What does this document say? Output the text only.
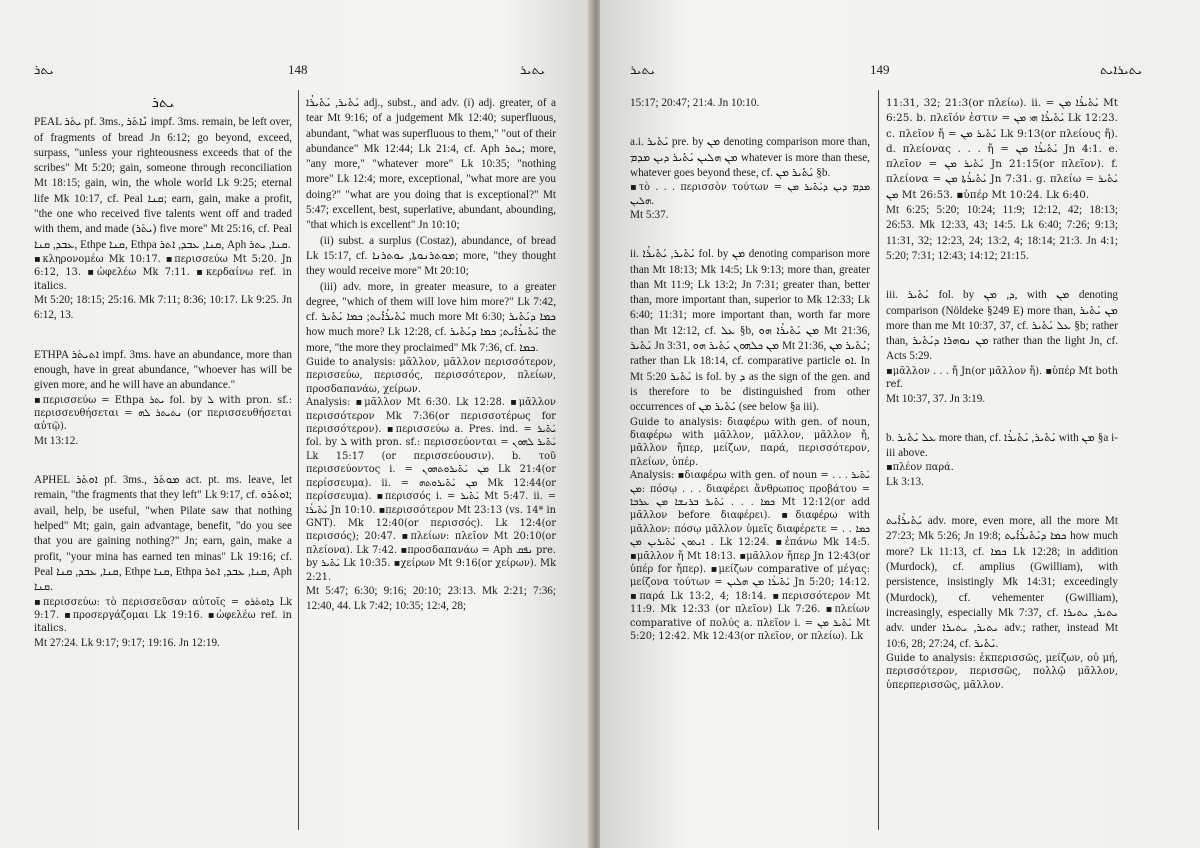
ܝܬܪ	148	ܝܬܝܪ

ܝܬܪ

PEAL ܝܬܰܪ pf. 3ms., ܢܶܐܬܰܪ impf. 3ms. remain, be left over, of fragments of bread Jn 6:12; go beyond, exceed, surpass, "unless your righteousness exceeds that of the scribes" Mt 5:20; gain, someone through reconciliation Mt 18:15; gain, win, the whole world Lk 9:25; eternal life Mk 10:17, cf. Peal ܩܢܐ; earn, gain, make a profit, "the one who received five talents went off and traded with them, and made (ܝܬܰܪ) five more" Mt 25:16, cf. Peal ܥܒܕ, ܩܢܐ, Ethpe ܩܢܐ, Ethpa ܩܢܐ, ܥܒܕ, ܐܬܪ, Aph ܩܢܐ, ܝܬܪ.

▪κληρονομέω Mk 10:17. ▪περισσεύω Mt 5:20. Jn 6:12, 13. ▪ὠφελέω Mk 7:11. ▪κερδαίνω ref. in italics.

Mt 5:20; 18:15; 25:16. Mk 7:11; 8:36; 10:17. Lk 9:25. Jn 6:12, 13.

ETHPA ܐܬܝܬܰܪ impf. 3ms. have an abundance, more than enough, have in great abundance, "whoever has will be given more, and he will have an abundance."

▪περισσεύω = Ethpa ܝܬܪ fol. by ܠ with pron. sf.: περισσευθήσεται = ܢܬܝܬܪ ܠܗ (or περισσευθήσεται αὐτῷ).

Mt 13:12.

APHEL ܐܘܬܰܪ pf. 3ms., ܡܘܬܰܪ act. pt. ms. leave, let remain, "the fragments that they left" Lk 9:17, cf. ܐܘܬܰܪܘ; avail, help, be useful, "when Pilate saw that nothing helped" Mt; gain, gain advantage, benefit, "do you see that you are gaining nothing?" Jn; earn, gain, make a profit, "your mina has earned ten minas" Lk 19:16; cf. Peal ܩܢܐ, ܥܒܕ, ܩܢܐ, Ethpe ܩܢܐ, Ethpa ܩܢܐ, ܥܒܕ, ܐܬܪ, Aph ܩܢܐ.

▪περισσεύω: τὸ περισσεῦσαν αὐτοῖς = ܕܐܘܬܰܪܘ Lk 9:17. ▪προσεργάζομαι Lk 19:16. ▪ὠφελέω ref. in italics.

Mt 27:24. Lk 9:17; 9:17; 19:16. Jn 12:19.

ܝܰܬܺܝܪ, ܝܰܬܺܝܪܳܐ adj., subst., and adv. (i) adj. greater, of a tear Mt 9:16; of a judgement Mk 12:40; superfluous, abundant, "what was superfluous to them," "out of their abundance" Mk 12:44; Lk 21:4, cf. Aph ܝܬܪ; more, "any more," "whatever more" Lk 10:35; "nothing more" Lk 12:4; more, exceptional, "what more are you doing?" "what are you doing that is exceptional?" Mt 5:47; excellent, best, superlative, abundant, abounding, "that which is excellent" Jn 10:10;

(ii) subst. a surplus (Costaz), abundance, of bread Lk 15:17, cf. ܡܘܬܪܢܘܬܐ, ܝܘܬܪܢܐ; more, "they thought they would receive more" Mt 20:10;

(iii) adv. more, in greater measure, to a greater degree, "which of them will love him more?" Lk 7:42, cf. ܝܰܬܺܝܪܳܐܺܝܬ; ܟܡܐ ܝܰܬܺܝܪ much more Mt 6:30; ܟܡܐ ܕܝܰܬܺܝܪ how much more? Lk 12:28, cf. ܝܰܬܺܝܪܳܐܺܝܬ; ܟܡܐ ܕܝܰܬܺܝܪ the more, "the more they proclaimed" Mk 7:36, cf. ܟܡܐ.

Guide to analysis: μᾶλλον, μᾶλλον περισσότερον, περισσεύω, περισσός, περισσότερον, πλείων, προσδαπανάω, χείρων.

Analysis: ▪μᾶλλον Mt 6:30. Lk 12:28. ▪μᾶλλον περισσότερον Mk 7:36(or περισσοτέρως for περισσότερον). ▪περισσεύω a. Pres. ind. = ܝܰܬܺܝܪ fol. by ܠ with pron. sf.: περισσεύονται = ܝܰܬܺܝܪ ܠܗܘܢ Lk 15:17 (or περισσεύουσιν). b. τοῦ περισσεύοντος i. = ܡܢ ܝܰܬܺܝܪܘܬܗܘܢ Lk 21:4(or περίσσευμα). ii. = ܡܢ ܝܰܬܺܝܪܘܬܗ Mk 12:44(or περίσσευμα). ▪περισσός i. = ܝܰܬܺܝܪ Mt 5:47. ii. = ܝܰܬܺܝܪܳܐ Jn 10:10. ▪περισσότερον Mt 23:13 (vs. 14* in GNT). Mk 12:40(or περισσός). Lk 12:4(or περισσός); 20:47. ▪πλείων: πλεῖον Mt 20:10(or πλείονα). Lk 7:42. ▪προσδαπανάω = Aph ܢܦܩ pre. by ܝܰܬܺܝܪ Lk 10:35. ▪χείρων Mt 9:16(or χείρων). Mk 2:21.

Mt 5:47; 6:30; 9:16; 20:10; 23:13. Mk 2:21; 7:36; 12:40, 44. Lk 7:42; 10:35; 12:4, 28;

ܝܬܝܪ	149	ܝܬܝܪܐܝܬ

15:17; 20:47; 21:4. Jn 10:10.

a.i. ܝܰܬܺܝܪ pre. by ܡܢ denoting comparison more than, ܡܢ ܗܠܝܢ ܝܰܬܺܝܪ ܕܝܢ ܡܕܡ whatever is more than these, whatever goes beyond these, cf. ܝܰܬܺܝܪ ܡܢ §b.

▪τὸ . . . περισσὸν τούτων = ܡܕܡ ܕܝܢ ܕܝܰܬܺܝܪ ܡܢ ܗܠܝܢ.

Mt 5:37.

ii. ܝܰܬܺܝܪ, ܝܰܬܺܝܪܳܐ fol. by ܡܢ denoting comparison more than Mt 18:13; Mk 14:5; Lk 9:13; more than, greater than Mt 11:9; Lk 13:2; Jn 7:31; greater than, better than, more important than, superior to Mk 12:33; Lk 6:40; 11:31; more important than, worth far more than Mt 12:12, cf. ܥܠ §b, ܡܢ ܝܰܬܺܝܪܳܐ ܗܘ Mt 21:36, ܝܰܬܺܝܪ Jn 3:31, ܡܢ ܟܠܗܘܢ ܝܰܬܺܝܪ ܗܘ Mt 21:36, ܝܰܬܺܝܪ ܡܢ; rather than Lk 18:14, cf. comparative particle ܐܘ. In Mt 5:20 ܝܰܬܺܝܪ is fol. by ܕ as the sign of the gen. and is therefore to be distinguished from other occurrences of ܝܰܬܺܝܪ ܡܢ (see below §a iii).

Guide to analysis: διαφέρω with gen. of noun, διαφέρω with μᾶλλον, μᾶλλον, μᾶλλον ἤ, μᾶλλον ἤπερ, μείζων, παρά, περισσότερον, πλείων, ὑπέρ.

Analysis: ▪διαφέρω with gen. of noun = ܝܰܬܺܝܪ . . . ܡܢ: πόσῳ . . . διαφέρει ἄνθρωπος προβάτου = ܟܡܐ . . . ܝܰܬܺܝܪ ܒܪܢܫܐ ܡܢ ܥܪܒܐ Mt 12:12(or add μᾶλλον before διαφέρει). ▪διαφέρω with μᾶλλον: πόσῳ μᾶλλον ὑμεῖς διαφέρετε = ܟܡܐ . . . ܐܢܬܘܢ ܝܰܬܺܝܪܝܢ ܡܢ Lk 12:24. ▪ἐπάνω Mk 14:5. ▪μᾶλλον ἤ Mt 18:13. ▪μᾶλλον ἤπερ Jn 12:43(or ὑπέρ for ἤπερ). ▪μείζων comparative of μέγας: μείζονα τούτων = ܝܰܬܺܝܪܳܐ ܡܢ ܗܠܝܢ Jn 5:20; 14:12. ▪παρά Lk 13:2, 4; 18:14. ▪περισσότερον Mt 11:9. Mk 12:33 (or πλεῖον) Lk 7:26. ▪πλείων comparative of πολύς a. πλεῖον i. = ܝܰܬܺܝܪ ܡܢ Mt 5:20; 12:42. Mk 12:43(or πλεῖον, or πλείω). Lk

11:31, 32; 21:3(or πλείω). ii. = ܝܰܬܺܝܪܳܐ ܡܢ Mt 6:25. b. πλεῖόν ἐστιν = ܝܰܬܺܝܪܳܐ ܗܝ ܡܢ Lk 12:23. c. πλεῖον ἤ = ܝܰܬܺܝܪ ܡܢ Lk 9:13(or πλείους ἤ). d. πλείονας . . . ἤ = ܝܰܬܺܝܪܳܐ ܡܢ Jn 4:1. e. πλεῖον = ܝܰܬܺܝܪ ܡܢ Jn 21:15(or πλεῖον). f. πλείονα = ܝܰܬܺܝܪܳܬܐ ܡܢ Jn 7:31. g. πλείω = ܝܰܬܺܝܪ ܡܢ Mt 26:53. ▪ὑπέρ Mt 10:24. Lk 6:40.

Mt 6:25; 5:20; 10:24; 11:9; 12:12, 42; 18:13; 26:53. Mk 12:33, 43; 14:5. Lk 6:40; 7:26; 9:13; 11:31, 32; 12:23, 24; 13:2, 4; 18:14; 21:3. Jn 4:1; 5:20; 7:31; 12:43; 14:12; 21:15.

iii. ܝܰܬܺܝܪ fol. by ܕ, ܡܢ, with ܡܢ denoting comparison (Nöldeke §249 E) more than, ܡܢ ܝܰܬܺܝܪ more than me Mt 10:37, 37, cf. ܥܠ ܝܰܬܺܝܪ §b; rather than, ܡܢ ܢܘܗܪܐ ܕܝܰܬܺܝܪ rather than the light Jn, cf. Acts 5:29.

▪μᾶλλον . . . ἤ Jn(or μᾶλλον ἤ). ▪ὑπέρ Mt both ref.

Mt 10:37, 37. Jn 3:19.

b. ܥܠ ܝܰܬܺܝܪ more than, cf. ܝܰܬܺܝܪ, ܝܰܬܺܝܪܳܐ with ܡܢ §a i-iii above.

▪πλέον παρά.

Lk 3:13.

ܝܰܬܺܝܪܳܐܺܝܬ adv. more, even more, all the more Mt 27:23; Mk 5:26; Jn 19:8; ܟܡܐ ܕܝܰܬܺܝܪܳܐܺܝܬ how much more? Lk 11:13, cf. ܟܡܐ Lk 12:28; in addition (Murdock), cf. amplius (Gwilliam), with persistence, insistingly Mk 14:31; exceedingly (Murdock), cf. vehementer (Gwilliam), increasingly, especially Mk 7:37, cf. ܝܬܝܪ, ܝܬܝܪܐ adv. under ܝܬܝܪ, ܝܬܝܪܐ adv.; rather, instead Mt 10:6, 28; 27:24, cf. ܝܰܬܺܝܪ.

Guide to analysis: ἐκπερισσῶς, μείζων, οὐ μή, περισσότερον, περισσῶς, πολλῷ μᾶλλον, ὑπερπερισσῶς, μᾶλλον.
